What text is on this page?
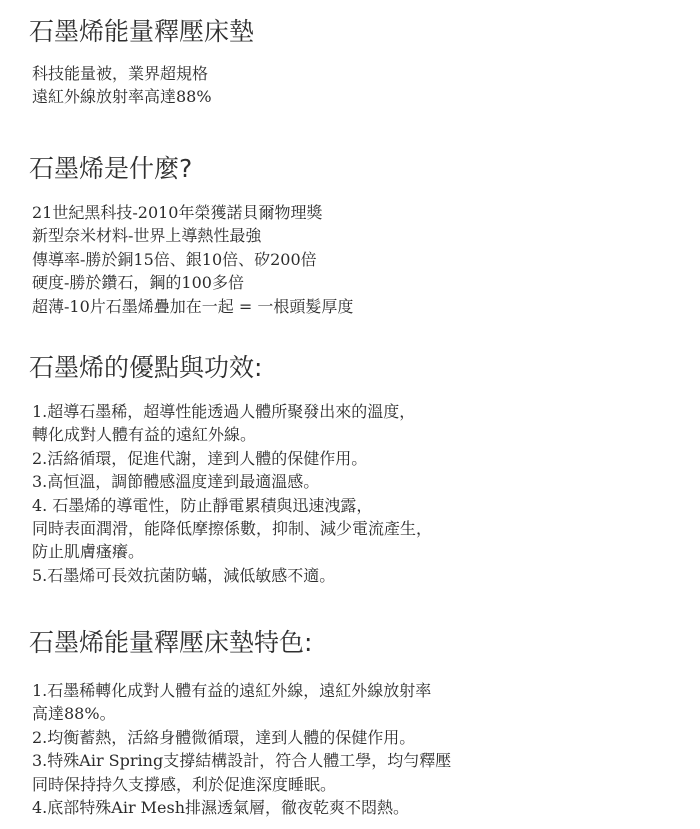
石墨烯能量釋壓床墊
科技能量被，業界超規格
遠紅外線放射率高達88%
石墨烯是什麼?
21世紀黑科技-2010年榮獲諾貝爾物理獎
新型奈米材料-世界上導熱性最強
傳導率-勝於銅15倍、銀10倍、矽200倍
硬度-勝於鑽石，鋼的100多倍
超薄-10片石墨烯疊加在一起 = 一根頭髮厚度
石墨烯的優點與功效:
1.超導石墨稀，超導性能透過人體所聚發出來的溫度，
轉化成對人體有益的遠紅外線。
2.活絡循環，促進代謝，達到人體的保健作用。
3.高恒溫，調節體感溫度達到最適溫感。
4. 石墨烯的導電性，防止靜電累積與迅速洩露，
同時表面潤滑，能降低摩擦係數，抑制、減少電流產生，
防止肌膚瘙癢。
5.石墨烯可長效抗菌防蟎，減低敏感不適。
石墨烯能量釋壓床墊特色:
1.石墨稀轉化成對人體有益的遠紅外線，遠紅外線放射率
高達88%。
2.均衡蓄熱，活絡身體微循環，達到人體的保健作用。
3.特殊Air Spring支撐結構設計，符合人體工學，均勻釋壓
同時保持持久支撐感，利於促進深度睡眠。
4.底部特殊Air Mesh排濕透氣層，徹夜乾爽不悶熱。
